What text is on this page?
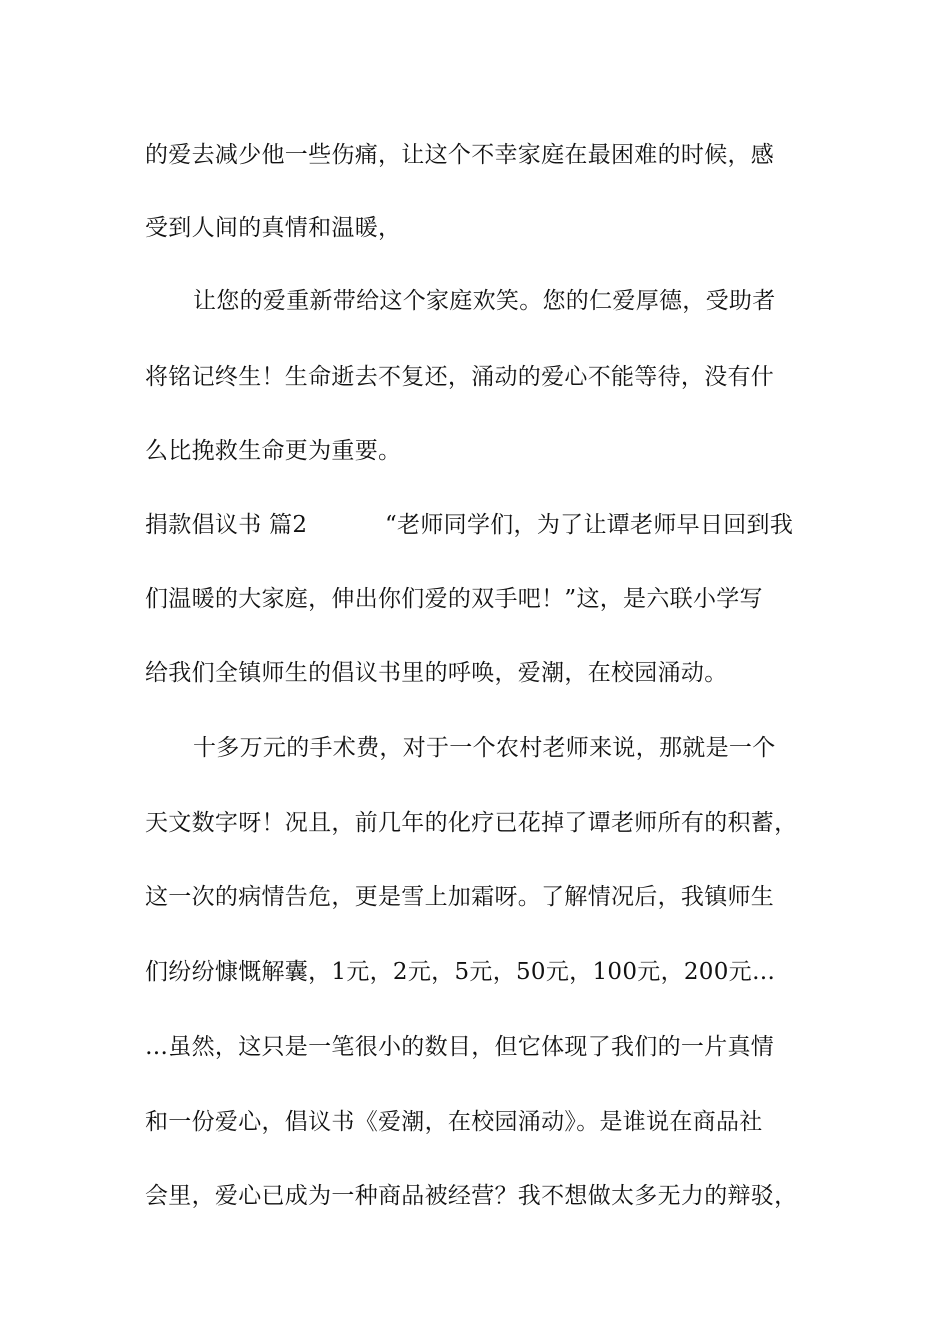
的爱去减少他一些伤痛，让这个不幸家庭在最困难的时候，感
受到人间的真情和温暖，
让您的爱重新带给这个家庭欢笑。您的仁爱厚德，受助者
将铭记终生！生命逝去不复还，涌动的爱心不能等待，没有什
么比挽救生命更为重要。
捐款倡议书 篇2	“老师同学们，为了让谭老师早日回到我
们温暖的大家庭，伸出你们爱的双手吧！”这，是六联小学写
给我们全镇师生的倡议书里的呼唤，爱潮，在校园涌动。
十多万元的手术费，对于一个农村老师来说，那就是一个
天文数字呀！况且，前几年的化疗已花掉了谭老师所有的积蓄，
这一次的病情告危，更是雪上加霜呀。了解情况后，我镇师生
们纷纷慷慨解囊，1元，2元，5元，50元，100元，200元…
…虽然，这只是一笔很小的数目，但它体现了我们的一片真情
和一份爱心，倡议书《爱潮，在校园涌动》。是谁说在商品社
会里，爱心已成为一种商品被经营？我不想做太多无力的辩驳，
